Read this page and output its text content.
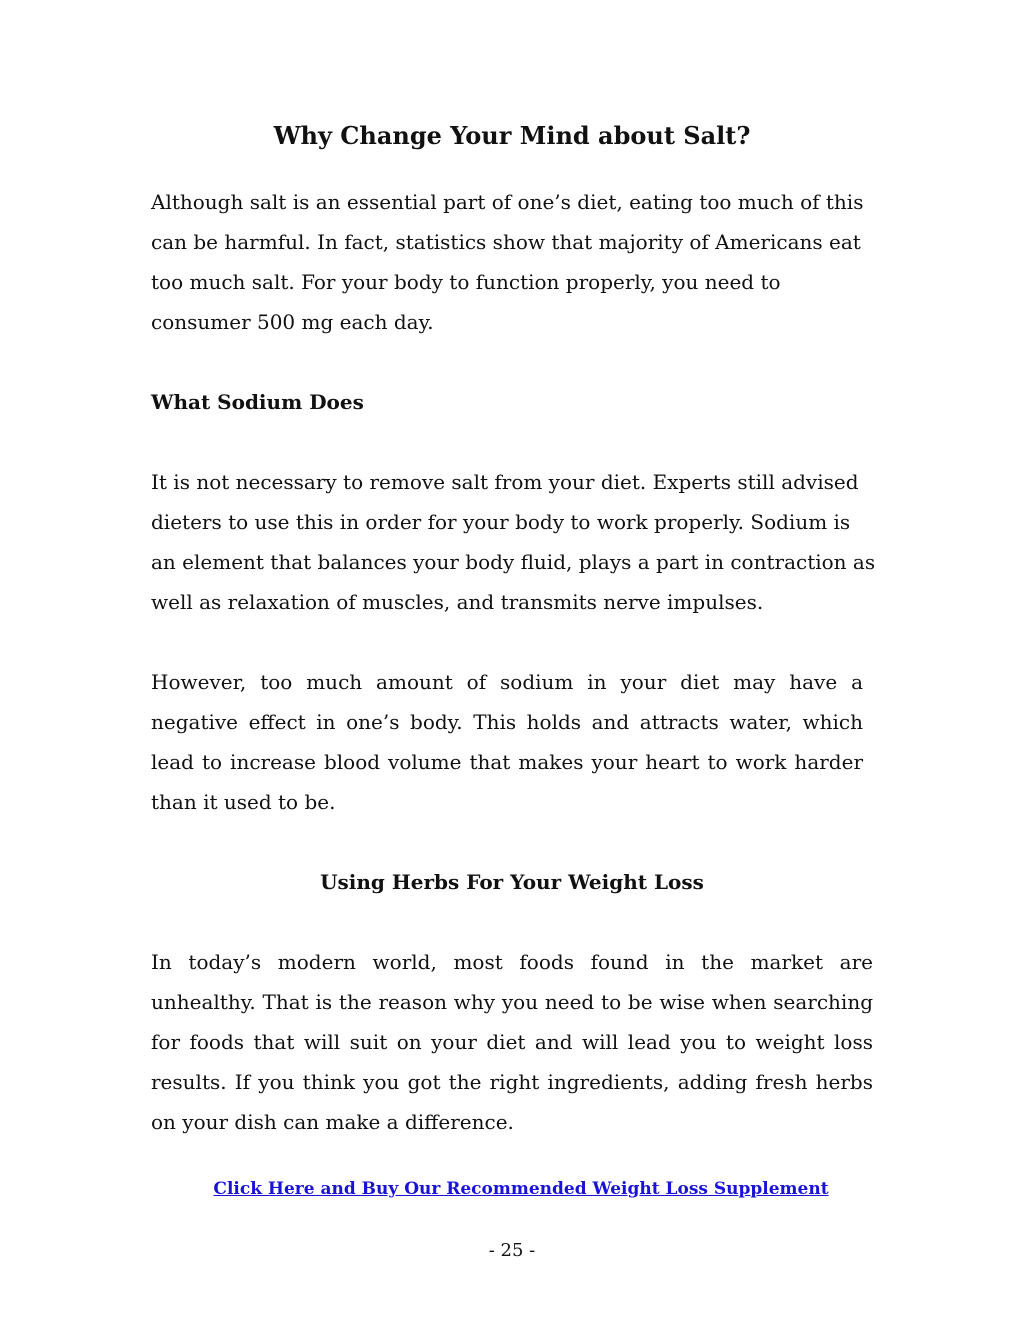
Why Change Your Mind about Salt?

Although salt is an essential part of one’s diet, eating too much of this can be harmful. In fact, statistics show that majority of Americans eat too much salt. For your body to function properly, you need to consumer 500 mg each day.

What Sodium Does

It is not necessary to remove salt from your diet. Experts still advised dieters to use this in order for your body to work properly. Sodium is an element that balances your body fluid, plays a part in contraction as well as relaxation of muscles, and transmits nerve impulses.

However, too much amount of sodium in your diet may have a negative effect in one’s body. This holds and attracts water, which lead to increase blood volume that makes your heart to work harder than it used to be.

Using Herbs For Your Weight Loss

In today’s modern world, most foods found in the market are unhealthy. That is the reason why you need to be wise when searching for foods that will suit on your diet and will lead you to weight loss results. If you think you got the right ingredients, adding fresh herbs on your dish can make a difference.

Click Here and Buy Our Recommended Weight Loss Supplement
- 25 -
